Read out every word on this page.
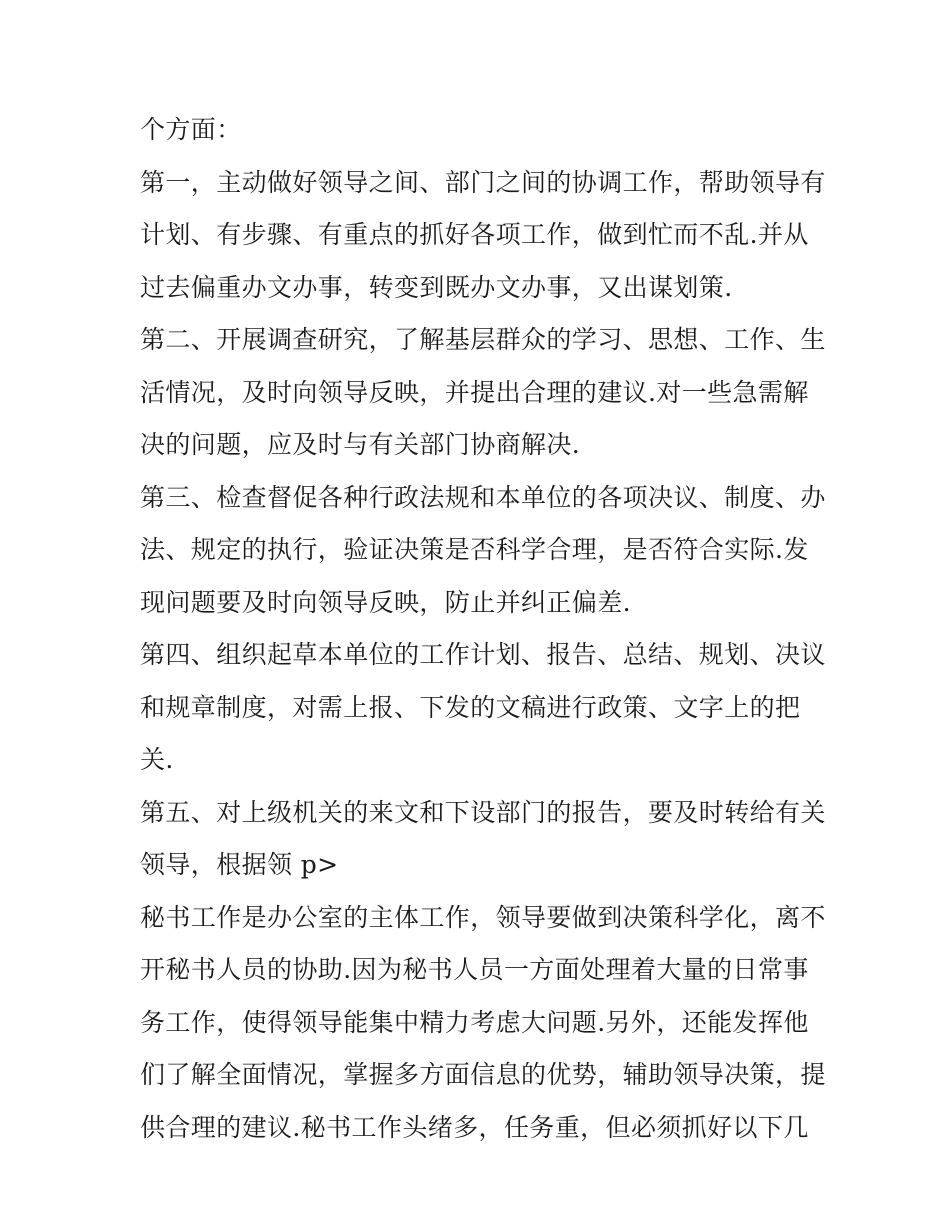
个方面：
第一，主动做好领导之间、部门之间的协调工作，帮助领导有
计划、有步骤、有重点的抓好各项工作，做到忙而不乱.并从
过去偏重办文办事，转变到既办文办事，又出谋划策.
第二、开展调查研究，了解基层群众的学习、思想、工作、生
活情况，及时向领导反映，并提出合理的建议.对一些急需解
决的问题，应及时与有关部门协商解决.
第三、检查督促各种行政法规和本单位的各项决议、制度、办
法、规定的执行，验证决策是否科学合理，是否符合实际.发
现问题要及时向领导反映，防止并纠正偏差.
第四、组织起草本单位的工作计划、报告、总结、规划、决议
和规章制度，对需上报、下发的文稿进行政策、文字上的把
关.
第五、对上级机关的来文和下设部门的报告，要及时转给有关
领导，根据领 p>
秘书工作是办公室的主体工作，领导要做到决策科学化，离不
开秘书人员的协助.因为秘书人员一方面处理着大量的日常事
务工作，使得领导能集中精力考虑大问题.另外，还能发挥他
们了解全面情况，掌握多方面信息的优势，辅助领导决策，提
供合理的建议.秘书工作头绪多，任务重，但必须抓好以下几
